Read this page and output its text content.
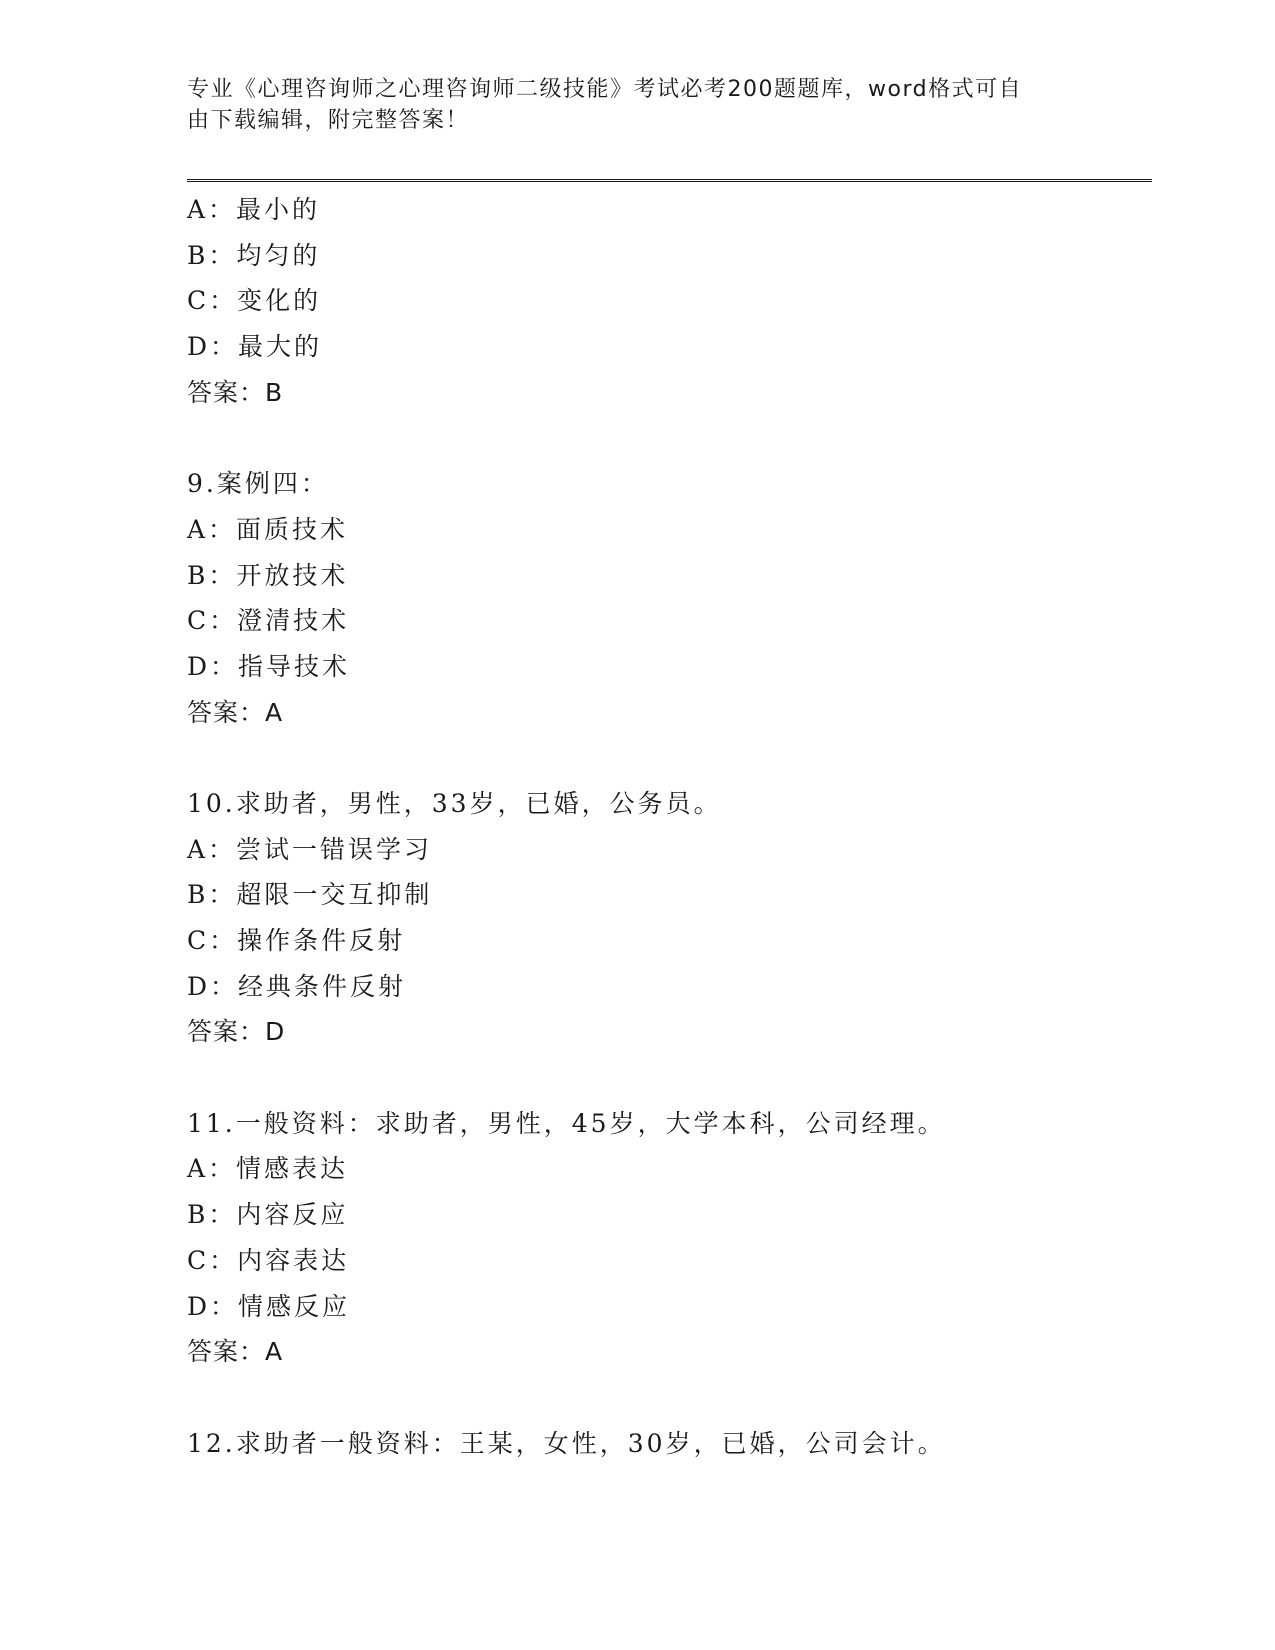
专业《心理咨询师之心理咨询师二级技能》考试必考200题题库，word格式可自
由下载编辑，附完整答案！
A：最小的
B：均匀的
C：变化的
D：最大的
答案：B
9.案例四：
A：面质技术
B：开放技术
C：澄清技术
D：指导技术
答案：A
10.求助者，男性，33岁，已婚，公务员。
A：尝试一错误学习
B：超限一交互抑制
C：操作条件反射
D：经典条件反射
答案：D
11.一般资料：求助者，男性，45岁，大学本科，公司经理。
A：情感表达
B：内容反应
C：内容表达
D：情感反应
答案：A
12.求助者一般资料：王某，女性，30岁，已婚，公司会计。
